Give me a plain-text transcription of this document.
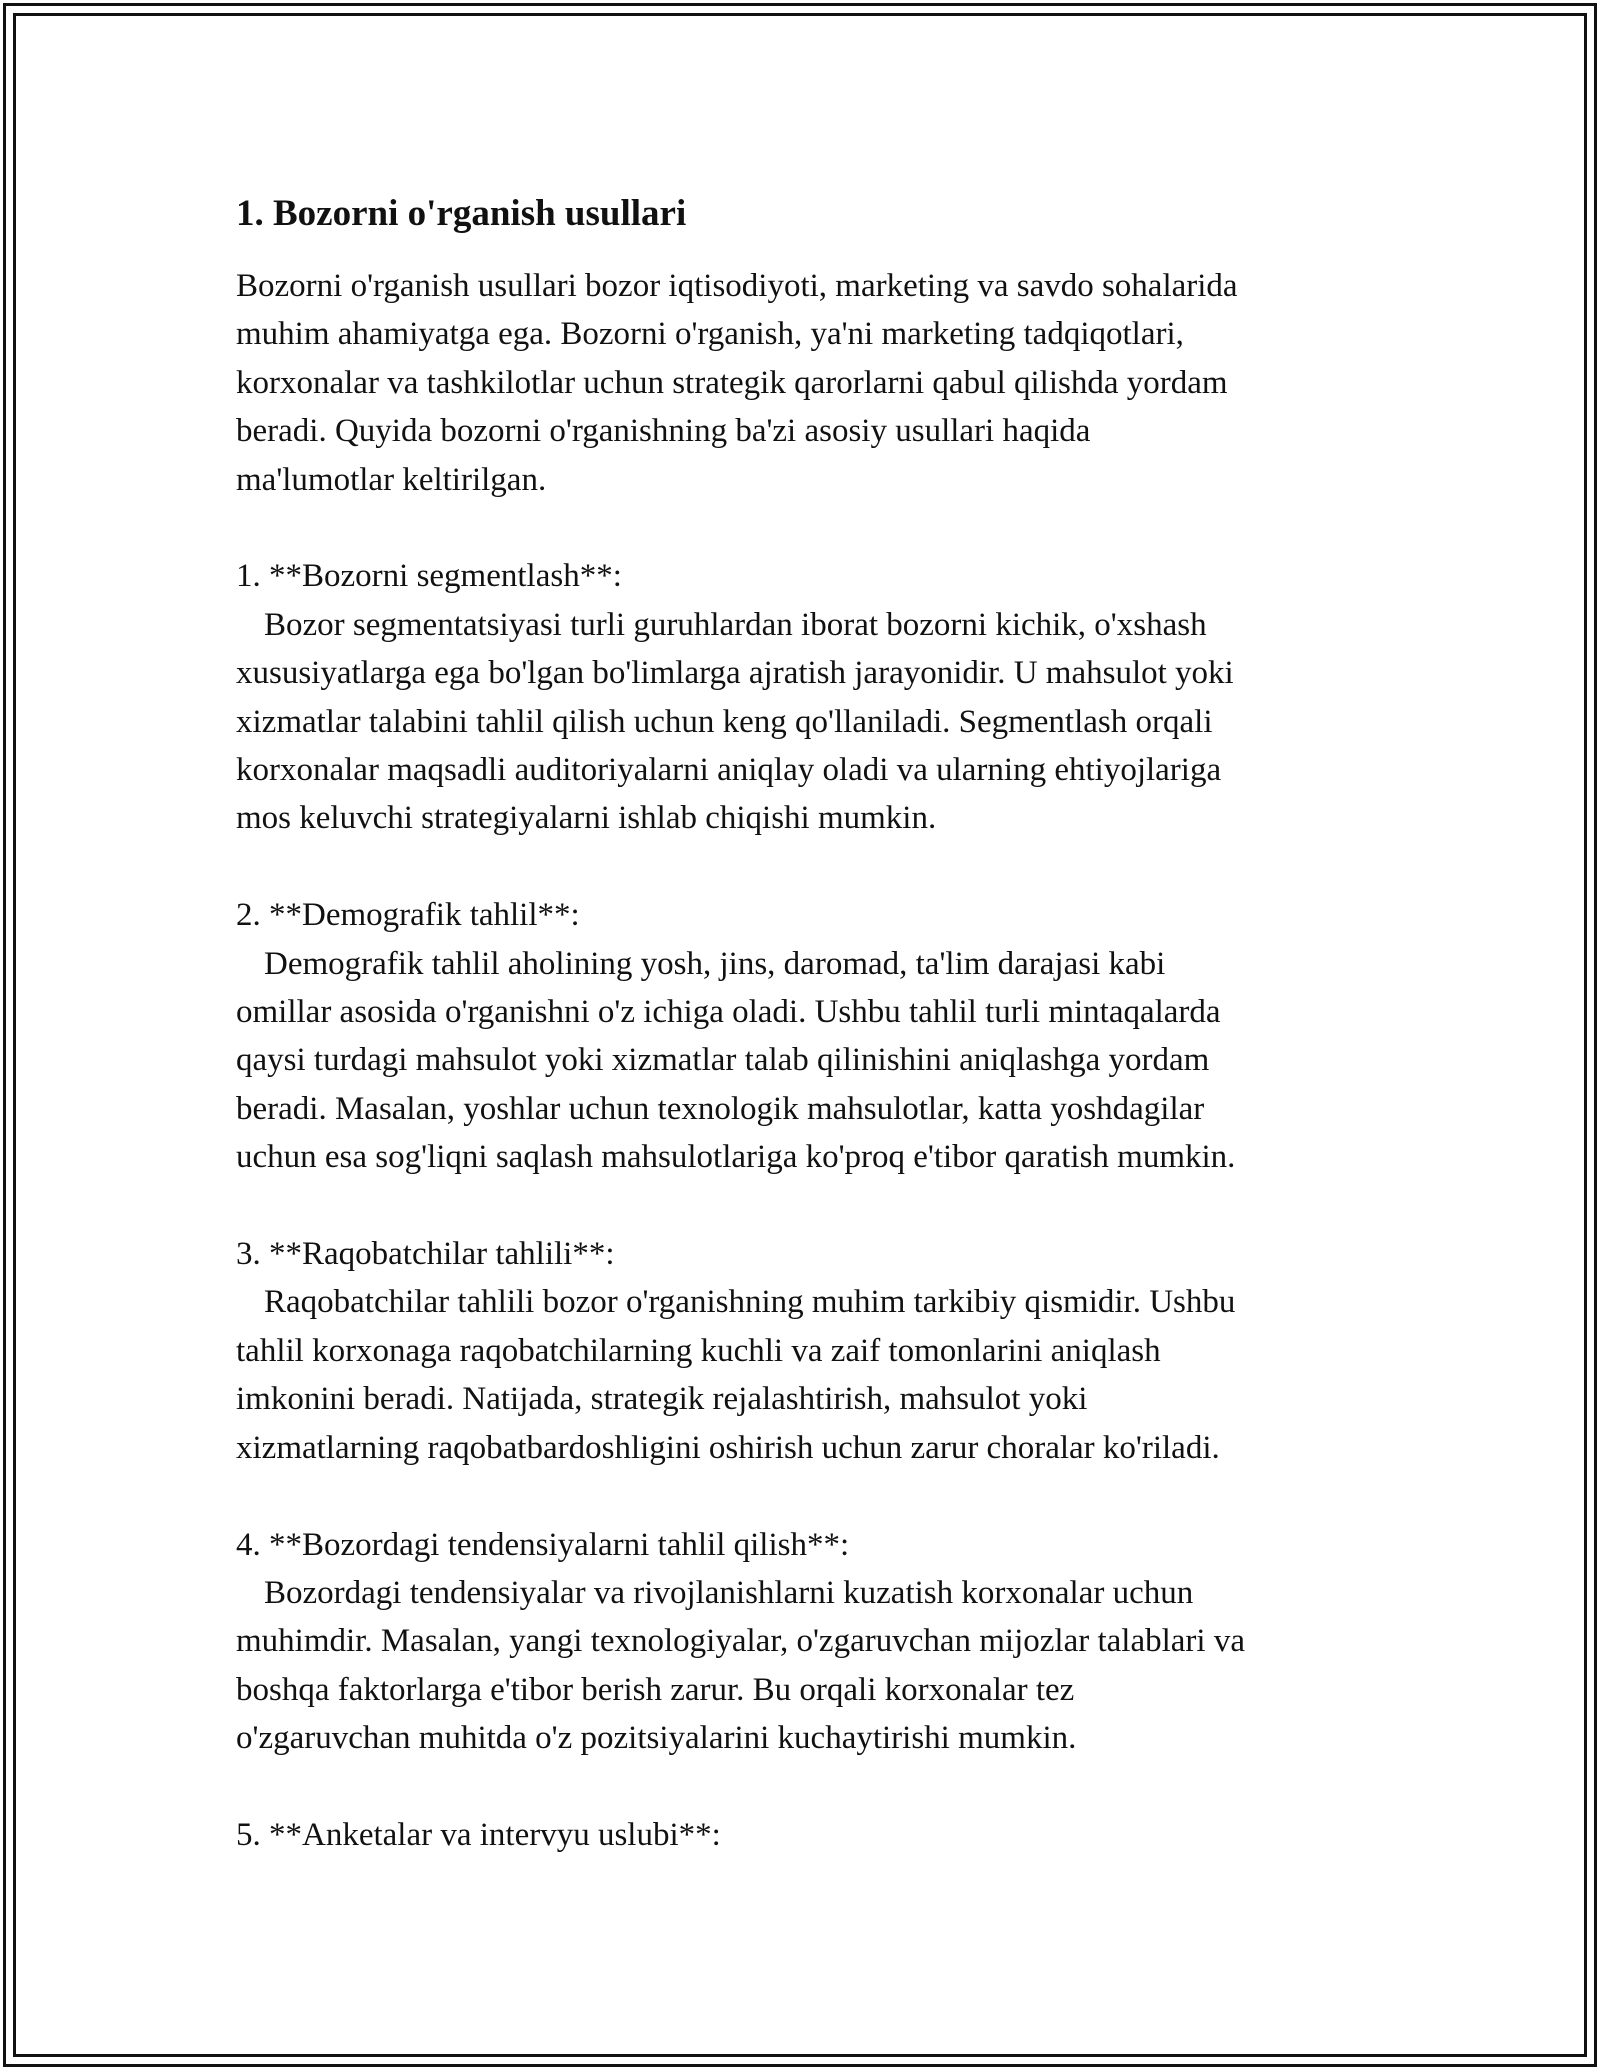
1. Bozorni o'rganish usullari
Bozorni o'rganish usullari bozor iqtisodiyoti, marketing va savdo sohalarida
muhim ahamiyatga ega. Bozorni o'rganish, ya'ni marketing tadqiqotlari,
korxonalar va tashkilotlar uchun strategik qarorlarni qabul qilishda yordam
beradi. Quyida bozorni o'rganishning ba'zi asosiy usullari haqida
ma'lumotlar keltirilgan.
1. **Bozorni segmentlash**:
Bozor segmentatsiyasi turli guruhlardan iborat bozorni kichik, o'xshash
xususiyatlarga ega bo'lgan bo'limlarga ajratish jarayonidir. U mahsulot yoki
xizmatlar talabini tahlil qilish uchun keng qo'llaniladi. Segmentlash orqali
korxonalar maqsadli auditoriyalarni aniqlay oladi va ularning ehtiyojlariga
mos keluvchi strategiyalarni ishlab chiqishi mumkin.
2. **Demografik tahlil**:
Demografik tahlil aholining yosh, jins, daromad, ta'lim darajasi kabi
omillar asosida o'rganishni o'z ichiga oladi. Ushbu tahlil turli mintaqalarda
qaysi turdagi mahsulot yoki xizmatlar talab qilinishini aniqlashga yordam
beradi. Masalan, yoshlar uchun texnologik mahsulotlar, katta yoshdagilar
uchun esa sog'liqni saqlash mahsulotlariga ko'proq e'tibor qaratish mumkin.
3. **Raqobatchilar tahlili**:
Raqobatchilar tahlili bozor o'rganishning muhim tarkibiy qismidir. Ushbu
tahlil korxonaga raqobatchilarning kuchli va zaif tomonlarini aniqlash
imkonini beradi. Natijada, strategik rejalashtirish, mahsulot yoki
xizmatlarning raqobatbardoshligini oshirish uchun zarur choralar ko'riladi.
4. **Bozordagi tendensiyalarni tahlil qilish**:
Bozordagi tendensiyalar va rivojlanishlarni kuzatish korxonalar uchun
muhimdir. Masalan, yangi texnologiyalar, o'zgaruvchan mijozlar talablari va
boshqa faktorlarga e'tibor berish zarur. Bu orqali korxonalar tez
o'zgaruvchan muhitda o'z pozitsiyalarini kuchaytirishi mumkin.
5. **Anketalar va intervyu uslubi**:
